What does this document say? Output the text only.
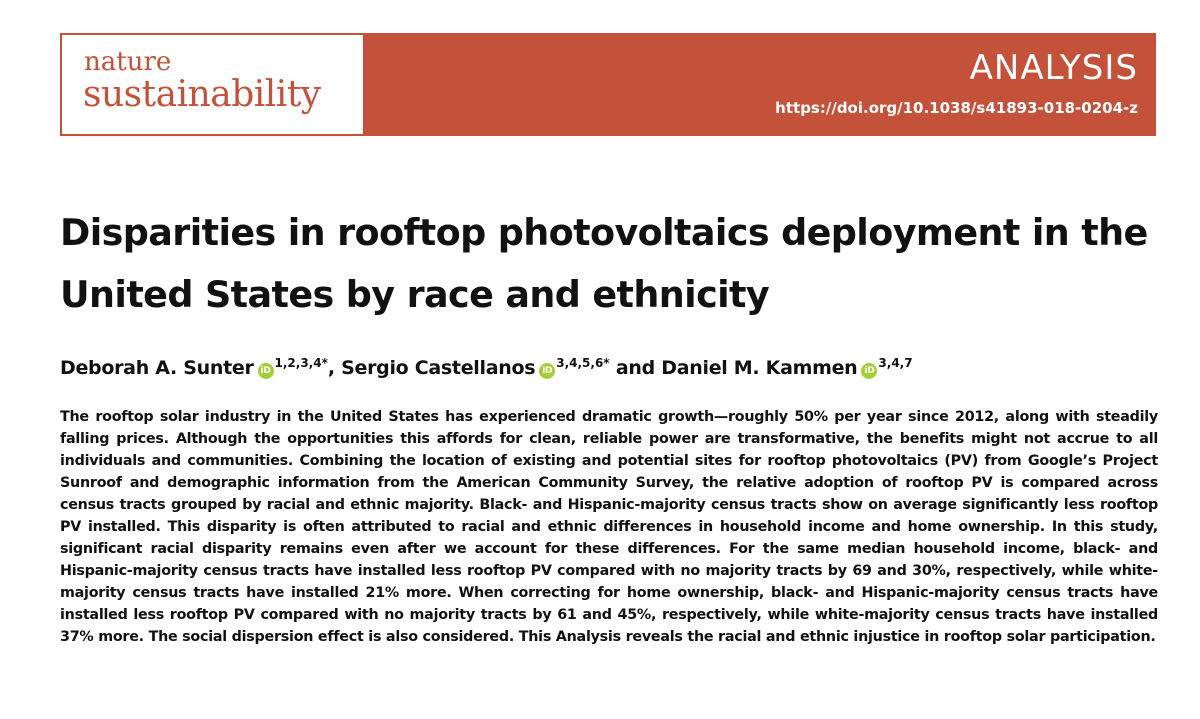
nature
sustainability
ANALYSIS
https://doi.org/10.1038/s41893-018-0204-z
Disparities in rooftop photovoltaics deployment in the United States by race and ethnicity
Deborah A. Sunter iD$^{1,2,3,4*}$, Sergio Castellanos iD$^{3,4,5,6*}$ and Daniel M. Kammen iD$^{3,4,7}$

The rooftop solar industry in the United States has experienced dramatic growth—roughly 50% per year since 2012, along with steadily falling prices. Although the opportunities this affords for clean, reliable power are transformative, the benefits might not accrue to all individuals and communities. Combining the location of existing and potential sites for rooftop photovoltaics (PV) from Google’s Project Sunroof and demographic information from the American Community Survey, the relative adoption of rooftop PV is compared across census tracts grouped by racial and ethnic majority. Black- and Hispanic-majority census tracts show on average significantly less rooftop PV installed. This disparity is often attributed to racial and ethnic differences in household income and home ownership. In this study, significant racial disparity remains even after we account for these differences. For the same median household income, black- and Hispanic-majority census tracts have installed less rooftop PV compared with no majority tracts by 69 and 30%, respectively, while white-majority census tracts have installed 21% more. When correcting for home ownership, black- and Hispanic-majority census tracts have installed less rooftop PV compared with no majority tracts by 61 and 45%, respectively, while white-majority census tracts have installed 37% more. The social dispersion effect is also considered. This Analysis reveals the racial and ethnic injustice in rooftop solar participation.
